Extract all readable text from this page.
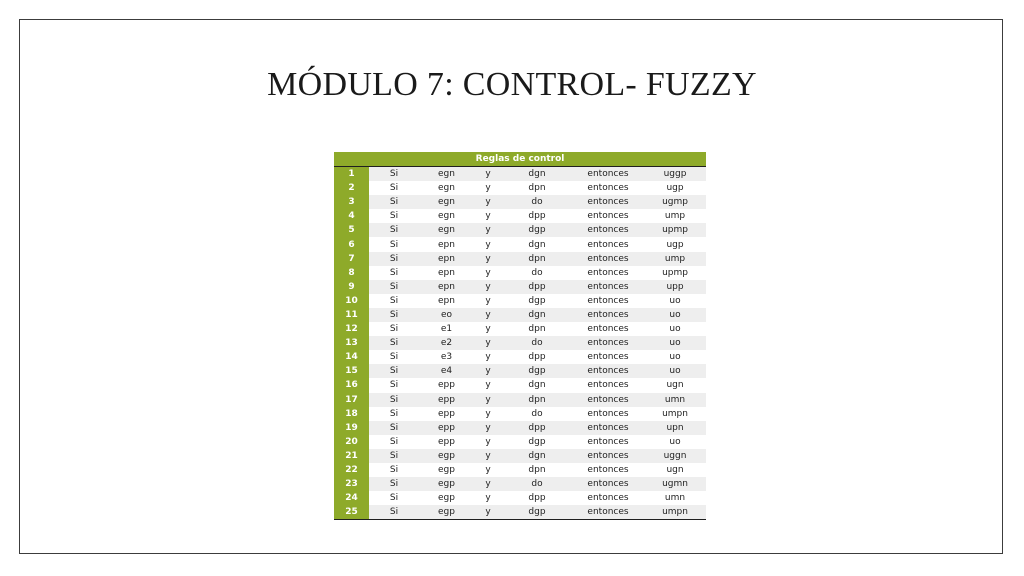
MÓDULO 7: CONTROL- FUZZY
Reglas de control						
1	Si	egn	y	dgn	entonces	uggp
2	Si	egn	y	dpn	entonces	ugp
3	Si	egn	y	do	entonces	ugmp
4	Si	egn	y	dpp	entonces	ump
5	Si	egn	y	dgp	entonces	upmp
6	Si	epn	y	dgn	entonces	ugp
7	Si	epn	y	dpn	entonces	ump
8	Si	epn	y	do	entonces	upmp
9	Si	epn	y	dpp	entonces	upp
10	Si	epn	y	dgp	entonces	uo
11	Si	eo	y	dgn	entonces	uo
12	Si	e1	y	dpn	entonces	uo
13	Si	e2	y	do	entonces	uo
14	Si	e3	y	dpp	entonces	uo
15	Si	e4	y	dgp	entonces	uo
16	Si	epp	y	dgn	entonces	ugn
17	Si	epp	y	dpn	entonces	umn
18	Si	epp	y	do	entonces	umpn
19	Si	epp	y	dpp	entonces	upn
20	Si	epp	y	dgp	entonces	uo
21	Si	egp	y	dgn	entonces	uggn
22	Si	egp	y	dpn	entonces	ugn
23	Si	egp	y	do	entonces	ugmn
24	Si	egp	y	dpp	entonces	umn
25	Si	egp	y	dgp	entonces	umpn
